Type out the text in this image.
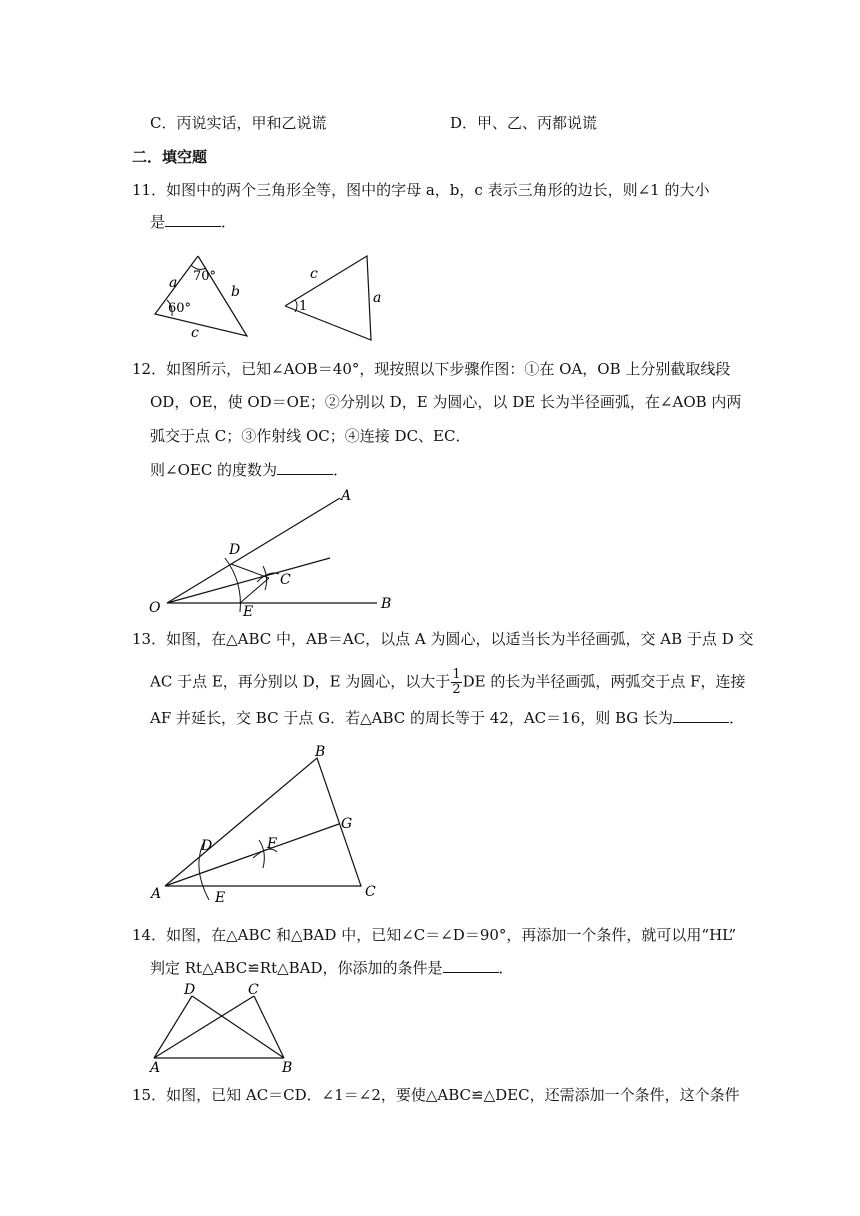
C．丙说实话，甲和乙说谎	D．甲、乙、丙都说谎
二．填空题
11．如图中的两个三角形全等，图中的字母 a，b，c 表示三角形的边长，则∠1 的大小
是	．
a
b
c
70°
60°
c
a
1
12．如图所示，已知∠AOB＝40°，现按照以下步骤作图：①在 OA，OB 上分别截取线段
OD，OE，使 OD＝OE；②分别以 D，E 为圆心，以 DE 长为半径画弧，在∠AOB 内两
弧交于点 C；③作射线 OC；④连接 DC、EC．
则∠OEC 的度数为	．
A
B
O
D
E
C
13．如图，在△ABC 中，AB＝AC，以点 A 为圆心，以适当长为半径画弧，交 AB 于点 D 交
AC 于点 E，再分别以 D，E 为圆心，以大于 $\frac{1}{2}$ DE 的长为半径画弧，两弧交于点 F，连接
AF 并延长，交 BC 于点 G．若△ABC 的周长等于 42，AC＝16，则 BG 长为	．
A
B
C
D
E
F
G
14．如图，在△ABC 和△BAD 中，已知∠C＝∠D＝90°，再添加一个条件，就可以用“HL”
判定 Rt△ABC≌Rt△BAD，你添加的条件是	．
A	B
C
D
15．如图，已知 AC＝CD．∠1＝∠2，要使△ABC≌△DEC，还需添加一个条件，这个条件
